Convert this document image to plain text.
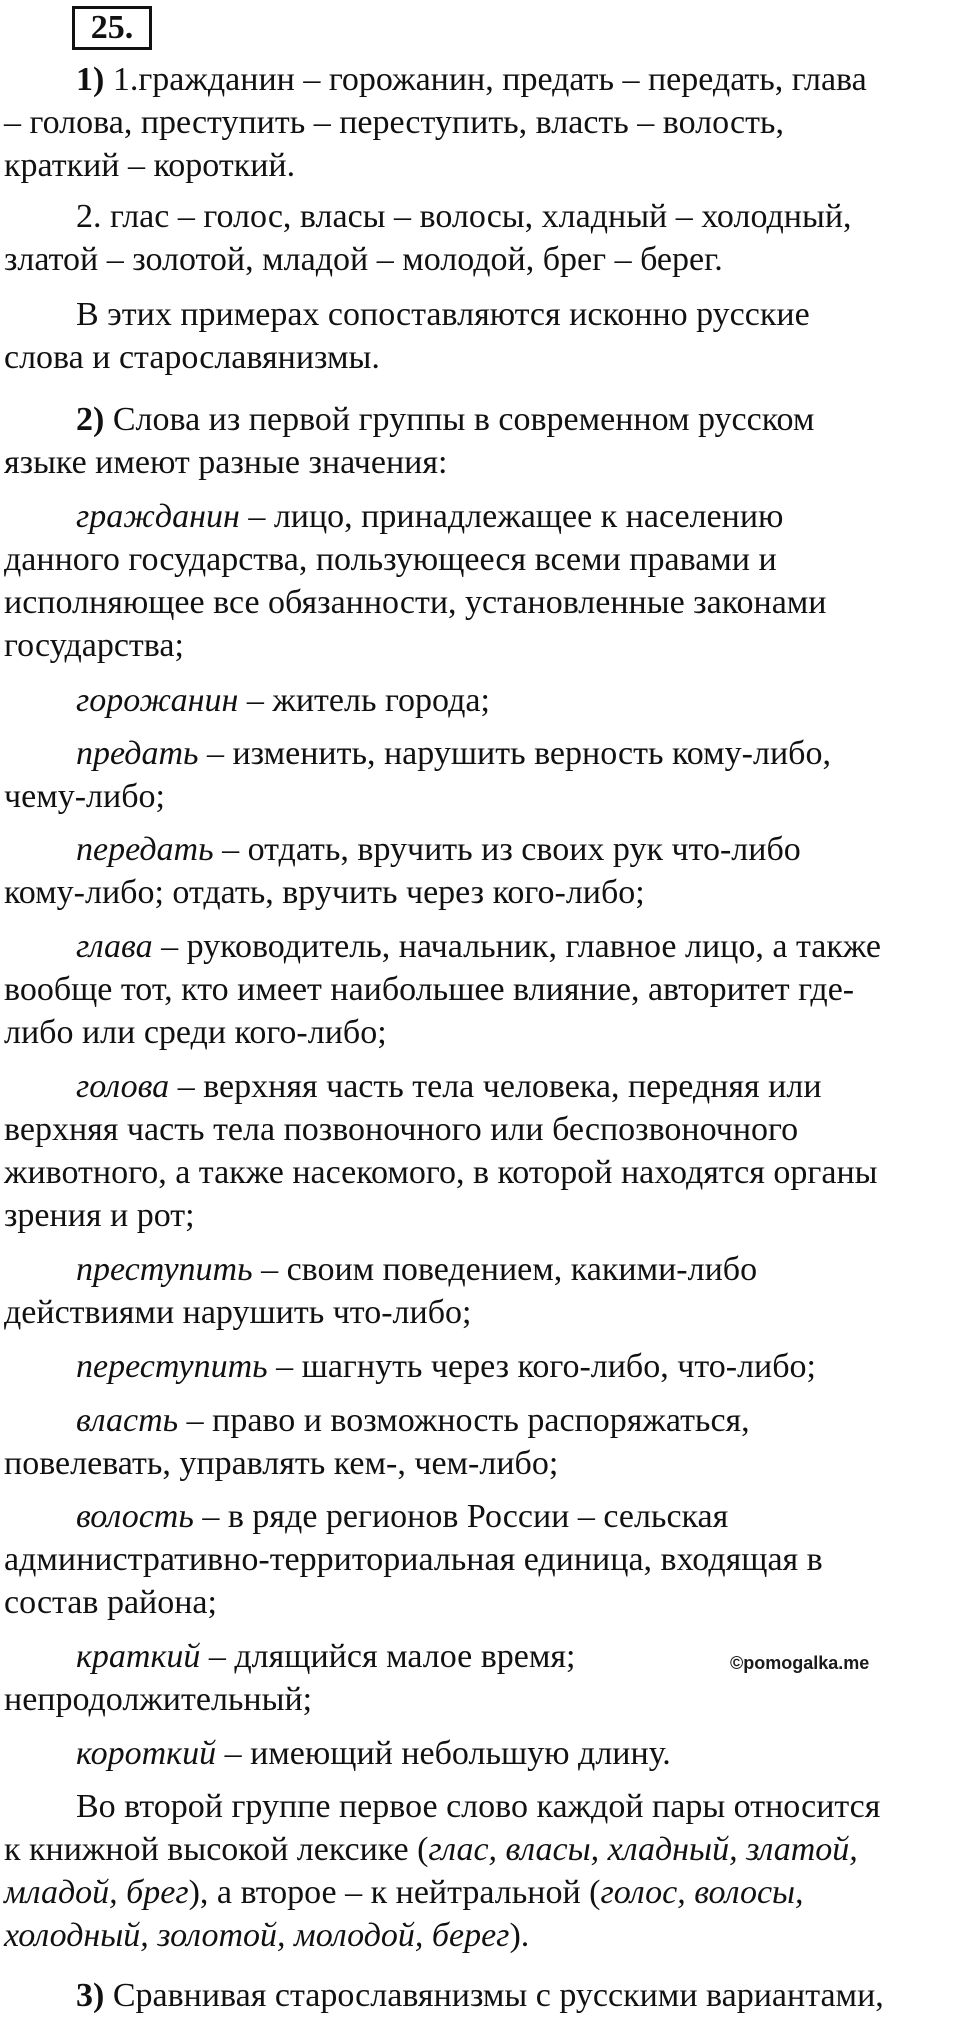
25.
1) 1.гражданин – горожанин, предать – передать, глава
– голова, преступить – переступить, власть – волость,
краткий – короткий.
2. глас – голос, власы – волосы, хладный – холодный,
златой – золотой, младой – молодой, брег – берег.
В этих примерах сопоставляются исконно русские
слова и старославянизмы.
2) Слова из первой группы в современном русском
языке имеют разные значения:
гражданин – лицо, принадлежащее к населению
данного государства, пользующееся всеми правами и
исполняющее все обязанности, установленные законами
государства;
горожанин – житель города;
предать – изменить, нарушить верность кому-либо,
чему-либо;
передать – отдать, вручить из своих рук что-либо
кому-либо; отдать, вручить через кого-либо;
глава – руководитель, начальник, главное лицо, а также
вообще тот, кто имеет наибольшее влияние, авторитет где-
либо или среди кого-либо;
голова – верхняя часть тела человека, передняя или
верхняя часть тела позвоночного или беспозвоночного
животного, а также насекомого, в которой находятся органы
зрения и рот;
преступить – своим поведением, какими-либо
действиями нарушить что-либо;
переступить – шагнуть через кого-либо, что-либо;
власть – право и возможность распоряжаться,
повелевать, управлять кем-, чем-либо;
волость – в ряде регионов России – сельская
административно-территориальная единица, входящая в
состав района;
краткий – длящийся малое время;	©pomogalka.me
непродолжительный;
короткий – имеющий небольшую длину.
Во второй группе первое слово каждой пары относится
к книжной высокой лексике (глас, власы, хладный, златой,
младой, брег), а второе – к нейтральной (голос, волосы,
холодный, золотой, молодой, берег).
3) Сравнивая старославянизмы с русскими вариантами,
